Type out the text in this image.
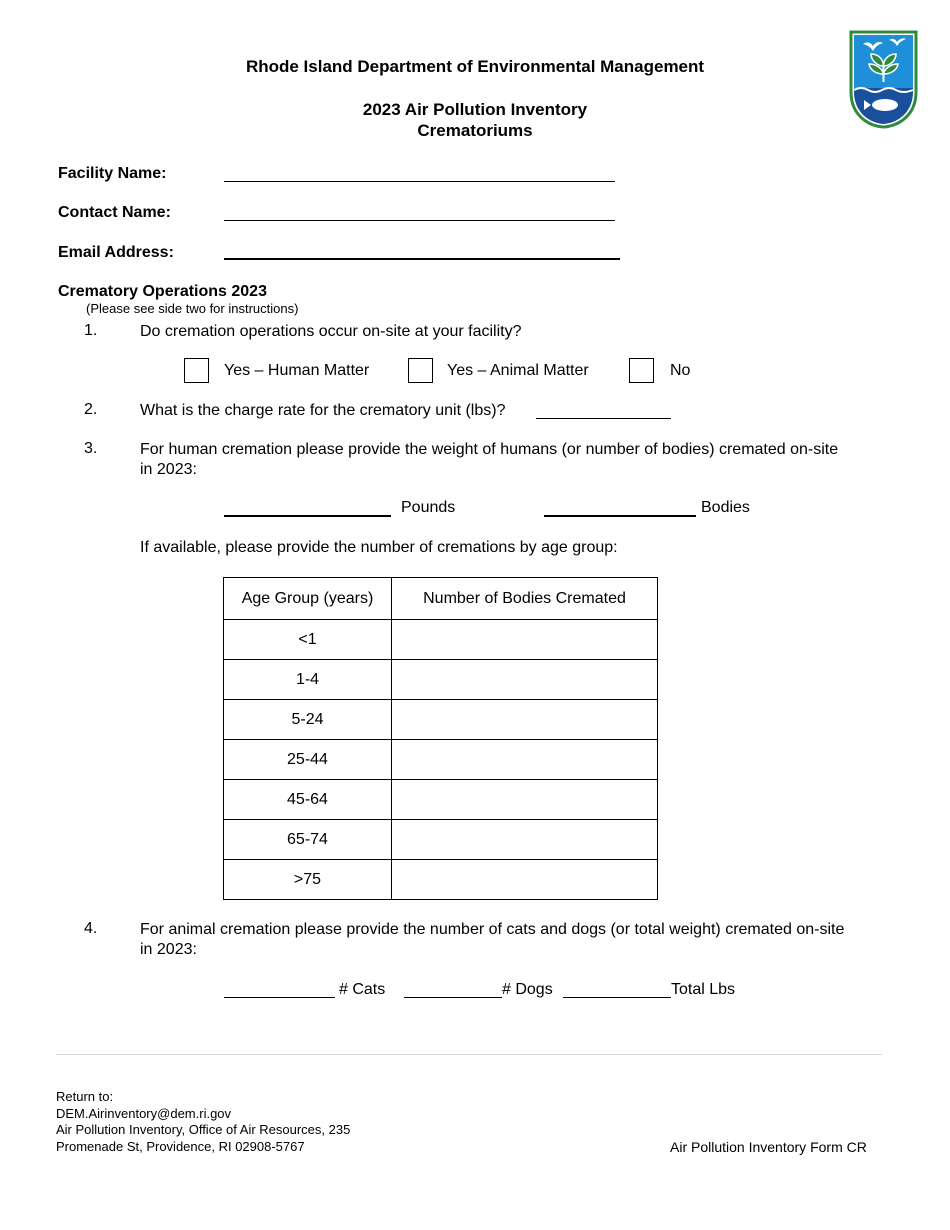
Rhode Island Department of Environmental Management
2023 Air Pollution Inventory
Crematoriums
Facility Name:
Contact Name:
Email Address:
Crematory Operations 2023
(Please see side two for instructions)
1.	Do cremation operations occur on-site at your facility?
Yes – Human Matter	Yes – Animal Matter	No
2.	What is the charge rate for the crematory unit (lbs)?
3.	For human cremation please provide the weight of humans (or number of bodies) cremated on-site
in 2023:
Pounds	Bodies
If available, please provide the number of cremations by age group:
Age Group (years)	Number of Bodies Cremated
<1	
1-4	
5-24	
25-44	
45-64	
65-74	
>75	
4.	For animal cremation please provide the number of cats and dogs (or total weight) cremated on-site
in 2023:
# Cats	# Dogs	Total Lbs
Return to:
DEM.Airinventory@dem.ri.gov
Air Pollution Inventory, Office of Air Resources, 235
Promenade St, Providence, RI 02908-5767	Air Pollution Inventory Form CR
